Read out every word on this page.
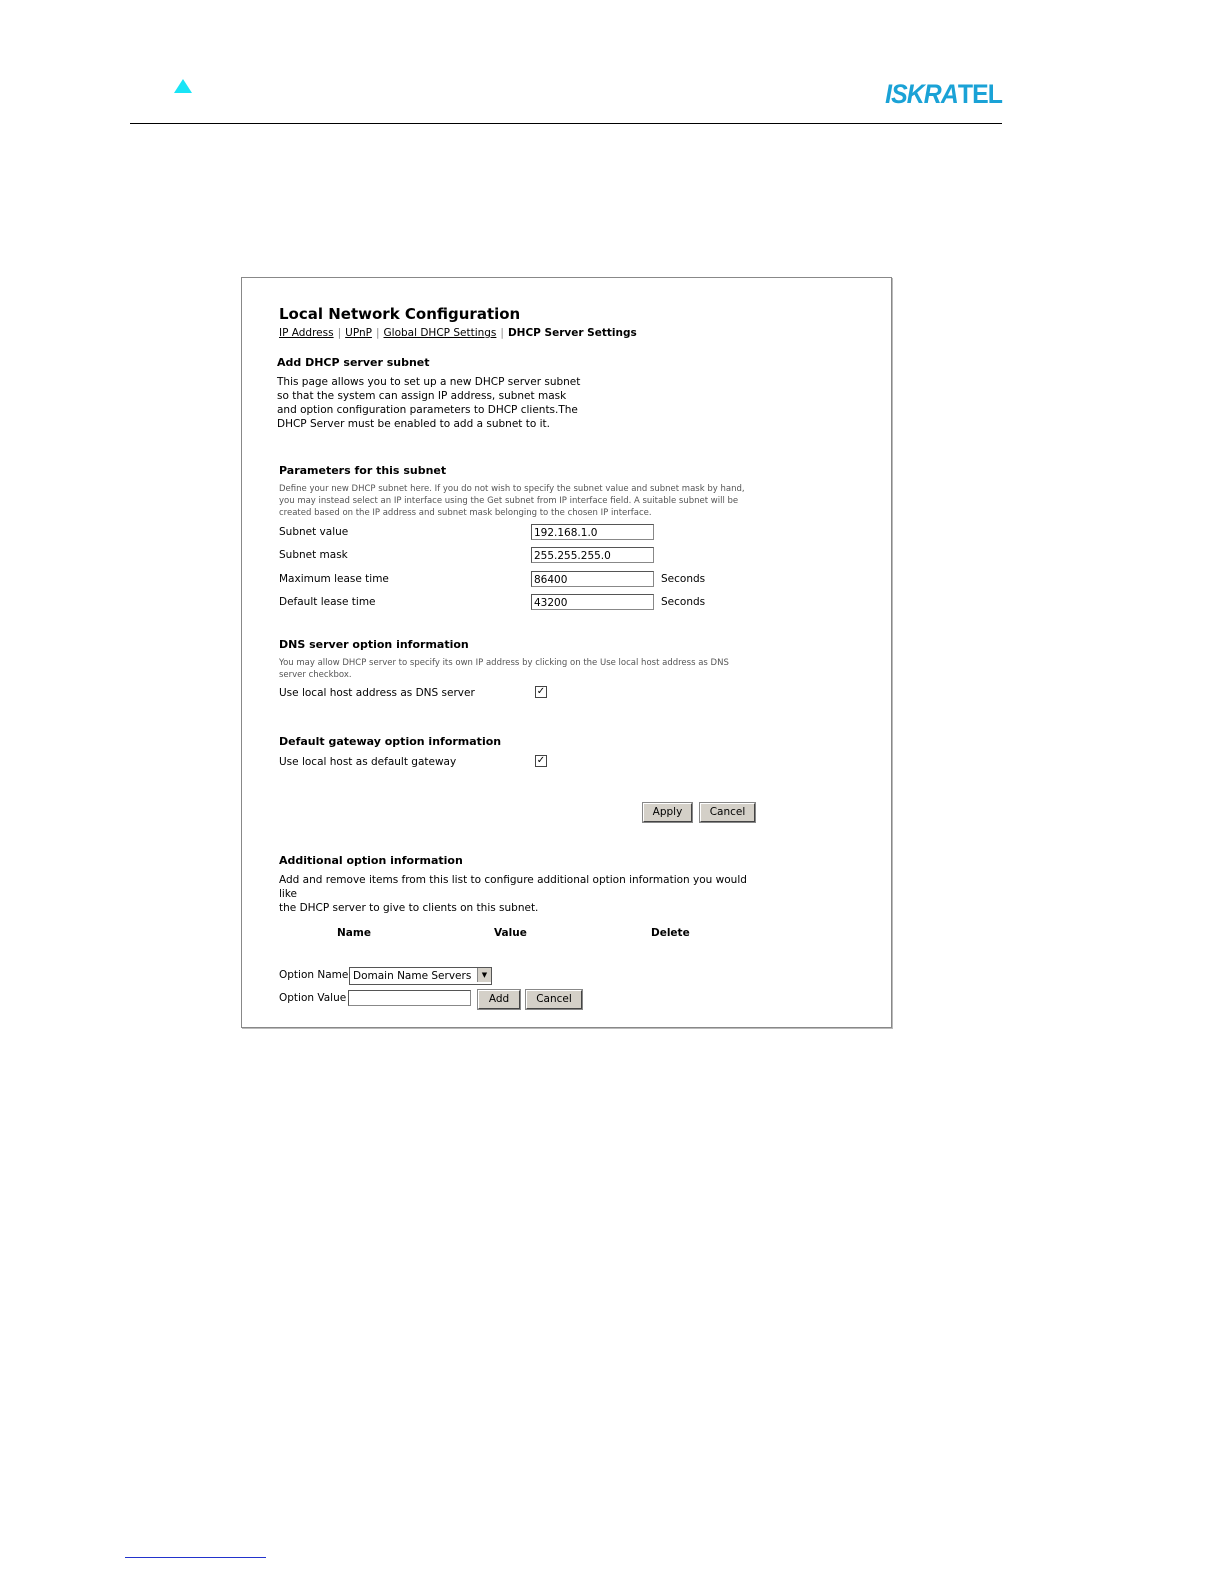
ISKRATEL
Local Network Configuration
IP Address | UPnP | Global DHCP Settings | DHCP Server Settings
Add DHCP server subnet
This page allows you to set up a new DHCP server subnet
so that the system can assign IP address, subnet mask
and option configuration parameters to DHCP clients.The
DHCP Server must be enabled to add a subnet to it.
Parameters for this subnet
Define your new DHCP subnet here. If you do not wish to specify the subnet value and subnet mask by hand,
you may instead select an IP interface using the Get subnet from IP interface field. A suitable subnet will be
created based on the IP address and subnet mask belonging to the chosen IP interface.
Subnet value	192.168.1.0
Subnet mask	255.255.255.0
Maximum lease time	86400	Seconds
Default lease time	43200	Seconds
DNS server option information
You may allow DHCP server to specify its own IP address by clicking on the Use local host address as DNS
server checkbox.
Use local host address as DNS server	✓
Default gateway option information
Use local host as default gateway	✓
Apply	Cancel
Additional option information
Add and remove items from this list to configure additional option information you would like
the DHCP server to give to clients on this subnet.
Name	Value	Delete
Option Name Domain Name Servers	▼
Option Value	Add	Cancel
